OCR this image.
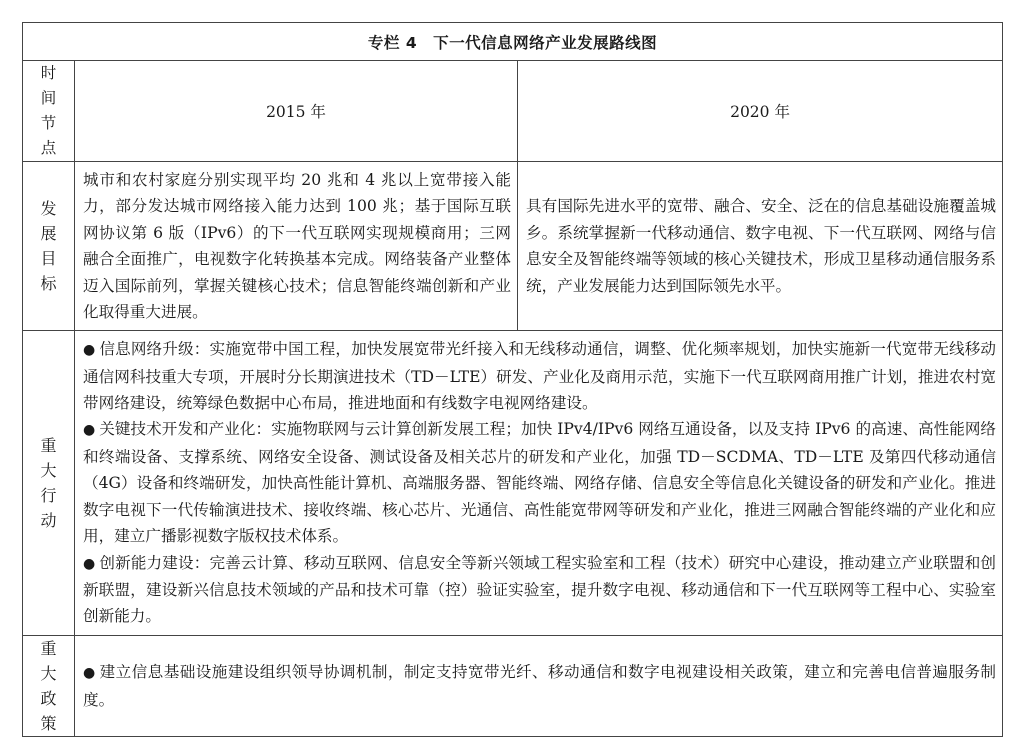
专栏 4　下一代信息网络产业发展路线图		
时间节点	2015 年	2020 年
发展目标	城市和农村家庭分别实现平均 20 兆和 4 兆以上宽带接入能力，部分发达城市网络接入能力达到 100 兆；基于国际互联网协议第 6 版（IPv6）的下一代互联网实现规模商用；三网融合全面推广，电视数字化转换基本完成。网络装备产业整体迈入国际前列，掌握关键核心技术；信息智能终端创新和产业化取得重大进展。	具有国际先进水平的宽带、融合、安全、泛在的信息基础设施覆盖城乡。系统掌握新一代移动通信、数字电视、下一代互联网、网络与信息安全及智能终端等领域的核心关键技术，形成卫星移动通信服务系统，产业发展能力达到国际领先水平。
重大行动	● 信息网络升级：实施宽带中国工程，加快发展宽带光纤接入和无线移动通信，调整、优化频率规划，加快实施新一代宽带无线移动通信网科技重大专项，开展时分长期演进技术（TD－LTE）研发、产业化及商用示范，实施下一代互联网商用推广计划，推进农村宽带网络建设，统筹绿色数据中心布局，推进地面和有线数字电视网络建设。
● 关键技术开发和产业化：实施物联网与云计算创新发展工程；加快 IPv4/IPv6 网络互通设备，以及支持 IPv6 的高速、高性能网络和终端设备、支撑系统、网络安全设备、测试设备及相关芯片的研发和产业化，加强 TD－SCDMA、TD－LTE 及第四代移动通信（4G）设备和终端研发，加快高性能计算机、高端服务器、智能终端、网络存储、信息安全等信息化关键设备的研发和产业化。推进数字电视下一代传输演进技术、接收终端、核心芯片、光通信、高性能宽带网等研发和产业化，推进三网融合智能终端的产业化和应用，建立广播影视数字版权技术体系。
● 创新能力建设：完善云计算、移动互联网、信息安全等新兴领域工程实验室和工程（技术）研究中心建设，推动建立产业联盟和创新联盟，建设新兴信息技术领域的产品和技术可靠（控）验证实验室，提升数字电视、移动通信和下一代互联网等工程中心、实验室创新能力。	

重大政策	● 建立信息基础设施建设组织领导协调机制，制定支持宽带光纤、移动通信和数字电视建设相关政策，建立和完善电信普遍服务制度。	
